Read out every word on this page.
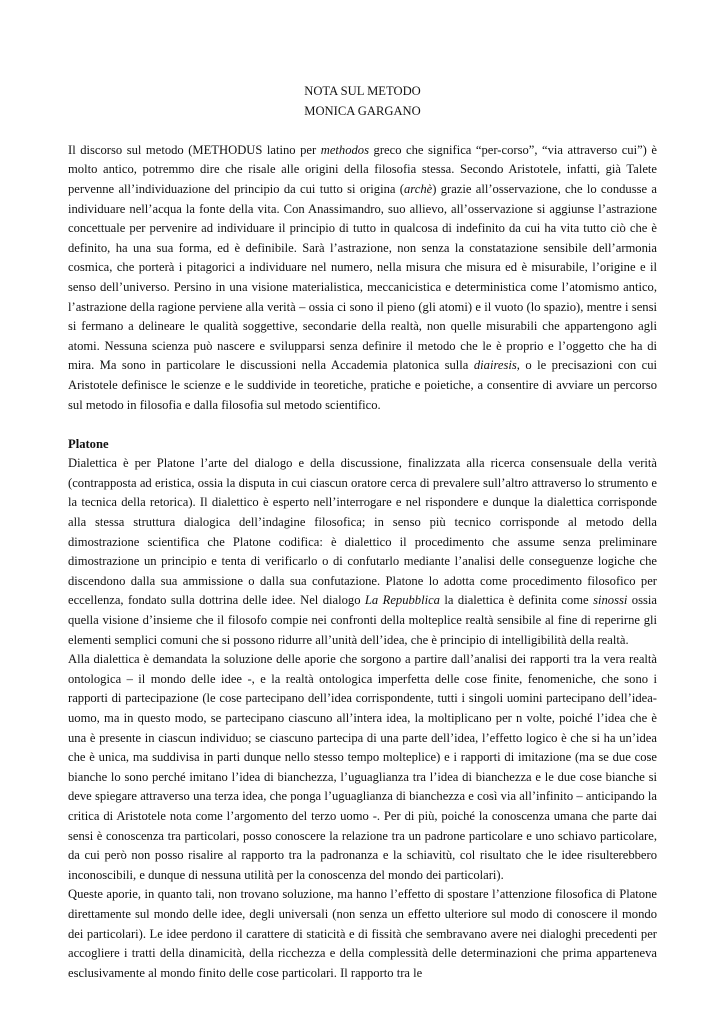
NOTA SUL METODO
MONICA GARGANO

Il discorso sul metodo (METHODUS latino per methodos greco che significa “per-corso”, “via attraverso cui”) è molto antico, potremmo dire che risale alle origini della filosofia stessa. Secondo Aristotele, infatti, già Talete pervenne all’individuazione del principio da cui tutto si origina (archè) grazie all’osservazione, che lo condusse a individuare nell’acqua la fonte della vita. Con Anassimandro, suo allievo, all’osservazione si aggiunse l’astrazione concettuale per pervenire ad individuare il principio di tutto in qualcosa di indefinito da cui ha vita tutto ciò che è definito, ha una sua forma, ed è definibile. Sarà l’astrazione, non senza la constatazione sensibile dell’armonia cosmica, che porterà i pitagorici a individuare nel numero, nella misura che misura ed è misurabile, l’origine e il senso dell’universo. Persino in una visione materialistica, meccanicistica e deterministica come l’atomismo antico, l’astrazione della ragione perviene alla verità – ossia ci sono il pieno (gli atomi) e il vuoto (lo spazio), mentre i sensi si fermano a delineare le qualità soggettive, secondarie della realtà, non quelle misurabili che appartengono agli atomi. Nessuna scienza può nascere e svilupparsi senza definire il metodo che le è proprio e l’oggetto che ha di mira. Ma sono in particolare le discussioni nella Accademia platonica sulla diairesis, o le precisazioni con cui Aristotele definisce le scienze e le suddivide in teoretiche, pratiche e poietiche, a consentire di avviare un percorso sul metodo in filosofia e dalla filosofia sul metodo scientifico.

Platone

Dialettica è per Platone l’arte del dialogo e della discussione, finalizzata alla ricerca consensuale della verità (contrapposta ad eristica, ossia la disputa in cui ciascun oratore cerca di prevalere sull’altro attraverso lo strumento e la tecnica della retorica). Il dialettico è esperto nell’interrogare e nel rispondere e dunque la dialettica corrisponde alla stessa struttura dialogica dell’indagine filosofica; in senso più tecnico corrisponde al metodo della dimostrazione scientifica che Platone codifica: è dialettico il procedimento che assume senza preliminare dimostrazione un principio e tenta di verificarlo o di confutarlo mediante l’analisi delle conseguenze logiche che discendono dalla sua ammissione o dalla sua confutazione. Platone lo adotta come procedimento filosofico per eccellenza, fondato sulla dottrina delle idee. Nel dialogo La Repubblica la dialettica è definita come sinossi ossia quella visione d’insieme che il filosofo compie nei confronti della molteplice realtà sensibile al fine di reperirne gli elementi semplici comuni che si possono ridurre all’unità dell’idea, che è principio di intelligibilità della realtà.

Alla dialettica è demandata la soluzione delle aporie che sorgono a partire dall’analisi dei rapporti tra la vera realtà ontologica – il mondo delle idee -, e la realtà ontologica imperfetta delle cose finite, fenomeniche, che sono i rapporti di partecipazione (le cose partecipano dell’idea corrispondente, tutti i singoli uomini partecipano dell’idea-uomo, ma in questo modo, se partecipano ciascuno all’intera idea, la moltiplicano per n volte, poiché l’idea che è una è presente in ciascun individuo; se ciascuno partecipa di una parte dell’idea, l’effetto logico è che si ha un’idea che è unica, ma suddivisa in parti dunque nello stesso tempo molteplice) e i rapporti di imitazione (ma se due cose bianche lo sono perché imitano l’idea di bianchezza, l’uguaglianza tra l’idea di bianchezza e le due cose bianche si deve spiegare attraverso una terza idea, che ponga l’uguaglianza di bianchezza e così via all’infinito – anticipando la critica di Aristotele nota come l’argomento del terzo uomo -. Per di più, poiché la conoscenza umana che parte dai sensi è conoscenza tra particolari, posso conoscere la relazione tra un padrone particolare e uno schiavo particolare, da cui però non posso risalire al rapporto tra la padronanza e la schiavitù, col risultato che le idee risulterebbero inconoscibili, e dunque di nessuna utilità per la conoscenza del mondo dei particolari).

Queste aporie, in quanto tali, non trovano soluzione, ma hanno l’effetto di spostare l’attenzione filosofica di Platone direttamente sul mondo delle idee, degli universali (non senza un effetto ulteriore sul modo di conoscere il mondo dei particolari). Le idee perdono il carattere di staticità e di fissità che sembravano avere nei dialoghi precedenti per accogliere i tratti della dinamicità, della ricchezza e della complessità delle determinazioni che prima apparteneva esclusivamente al mondo finito delle cose particolari. Il rapporto tra le
